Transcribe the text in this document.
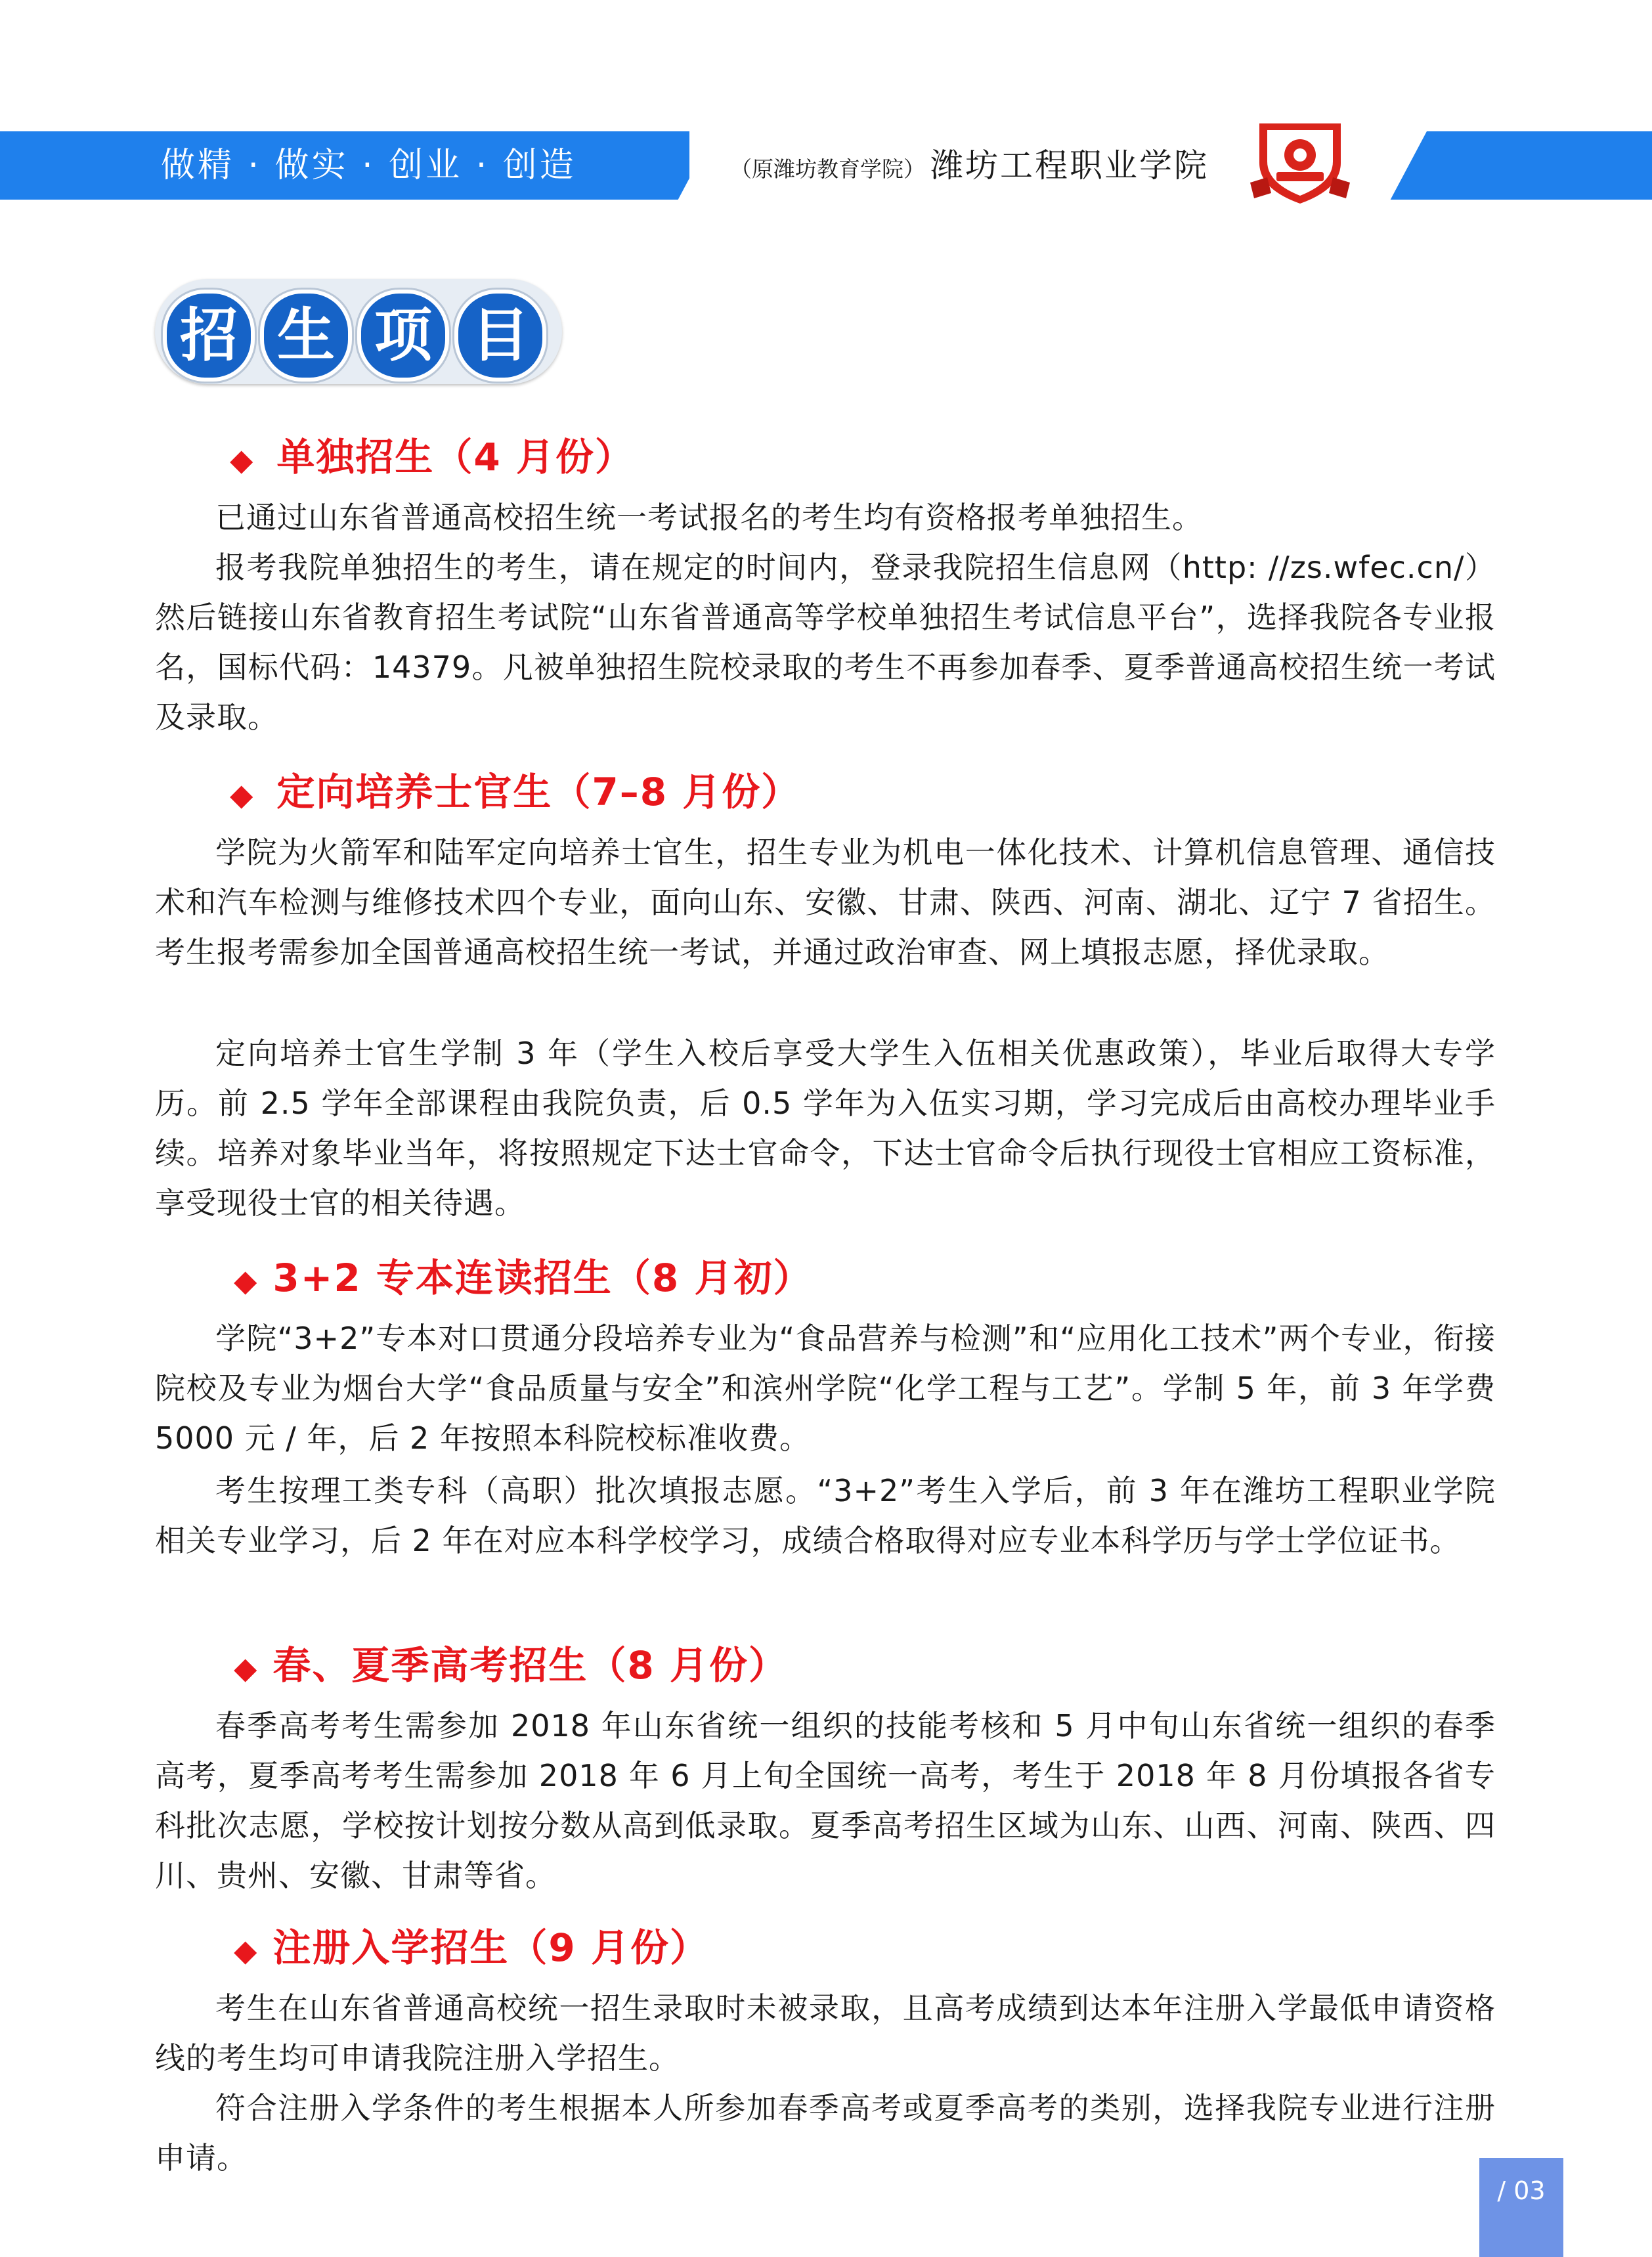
做精 · 做实 · 创业 · 创造	（原潍坊教育学院） 潍坊工程职业学院
招 生 项 目
◆ 单独招生（4 月份）

已通过山东省普通高校招生统一考试报名的考生均有资格报考单独招生。

报考我院单独招生的考生，请在规定的时间内，登录我院招生信息网（http: //zs.wfec.cn/）然后链接山东省教育招生考试院“山东省普通高等学校单独招生考试信息平台”，选择我院各专业报名，国标代码：14379。凡被单独招生院校录取的考生不再参加春季、夏季普通高校招生统一考试及录取。

◆ 定向培养士官生（7–8 月份）

学院为火箭军和陆军定向培养士官生，招生专业为机电一体化技术、计算机信息管理、通信技术和汽车检测与维修技术四个专业，面向山东、安徽、甘肃、陕西、河南、湖北、辽宁 7 省招生。考生报考需参加全国普通高校招生统一考试，并通过政治审查、网上填报志愿，择优录取。

定向培养士官生学制 3 年（学生入校后享受大学生入伍相关优惠政策），毕业后取得大专学历。前 2.5 学年全部课程由我院负责，后 0.5 学年为入伍实习期，学习完成后由高校办理毕业手续。培养对象毕业当年，将按照规定下达士官命令，下达士官命令后执行现役士官相应工资标准，享受现役士官的相关待遇。

◆ 3+2 专本连读招生（8 月初）

学院“3+2”专本对口贯通分段培养专业为“食品营养与检测”和“应用化工技术”两个专业，衔接院校及专业为烟台大学“食品质量与安全”和滨州学院“化学工程与工艺”。学制 5 年，前 3 年学费 5000 元 / 年，后 2 年按照本科院校标准收费。

考生按理工类专科（高职）批次填报志愿。“3+2”考生入学后，前 3 年在潍坊工程职业学院相关专业学习，后 2 年在对应本科学校学习，成绩合格取得对应专业本科学历与学士学位证书。

◆ 春、夏季高考招生（8 月份）

春季高考考生需参加 2018 年山东省统一组织的技能考核和 5 月中旬山东省统一组织的春季高考，夏季高考考生需参加 2018 年 6 月上旬全国统一高考，考生于 2018 年 8 月份填报各省专科批次志愿，学校按计划按分数从高到低录取。夏季高考招生区域为山东、山西、河南、陕西、四川、贵州、安徽、甘肃等省。

◆ 注册入学招生（9 月份）

考生在山东省普通高校统一招生录取时未被录取，且高考成绩到达本年注册入学最低申请资格线的考生均可申请我院注册入学招生。

符合注册入学条件的考生根据本人所参加春季高考或夏季高考的类别，选择我院专业进行注册申请。

/ 03
